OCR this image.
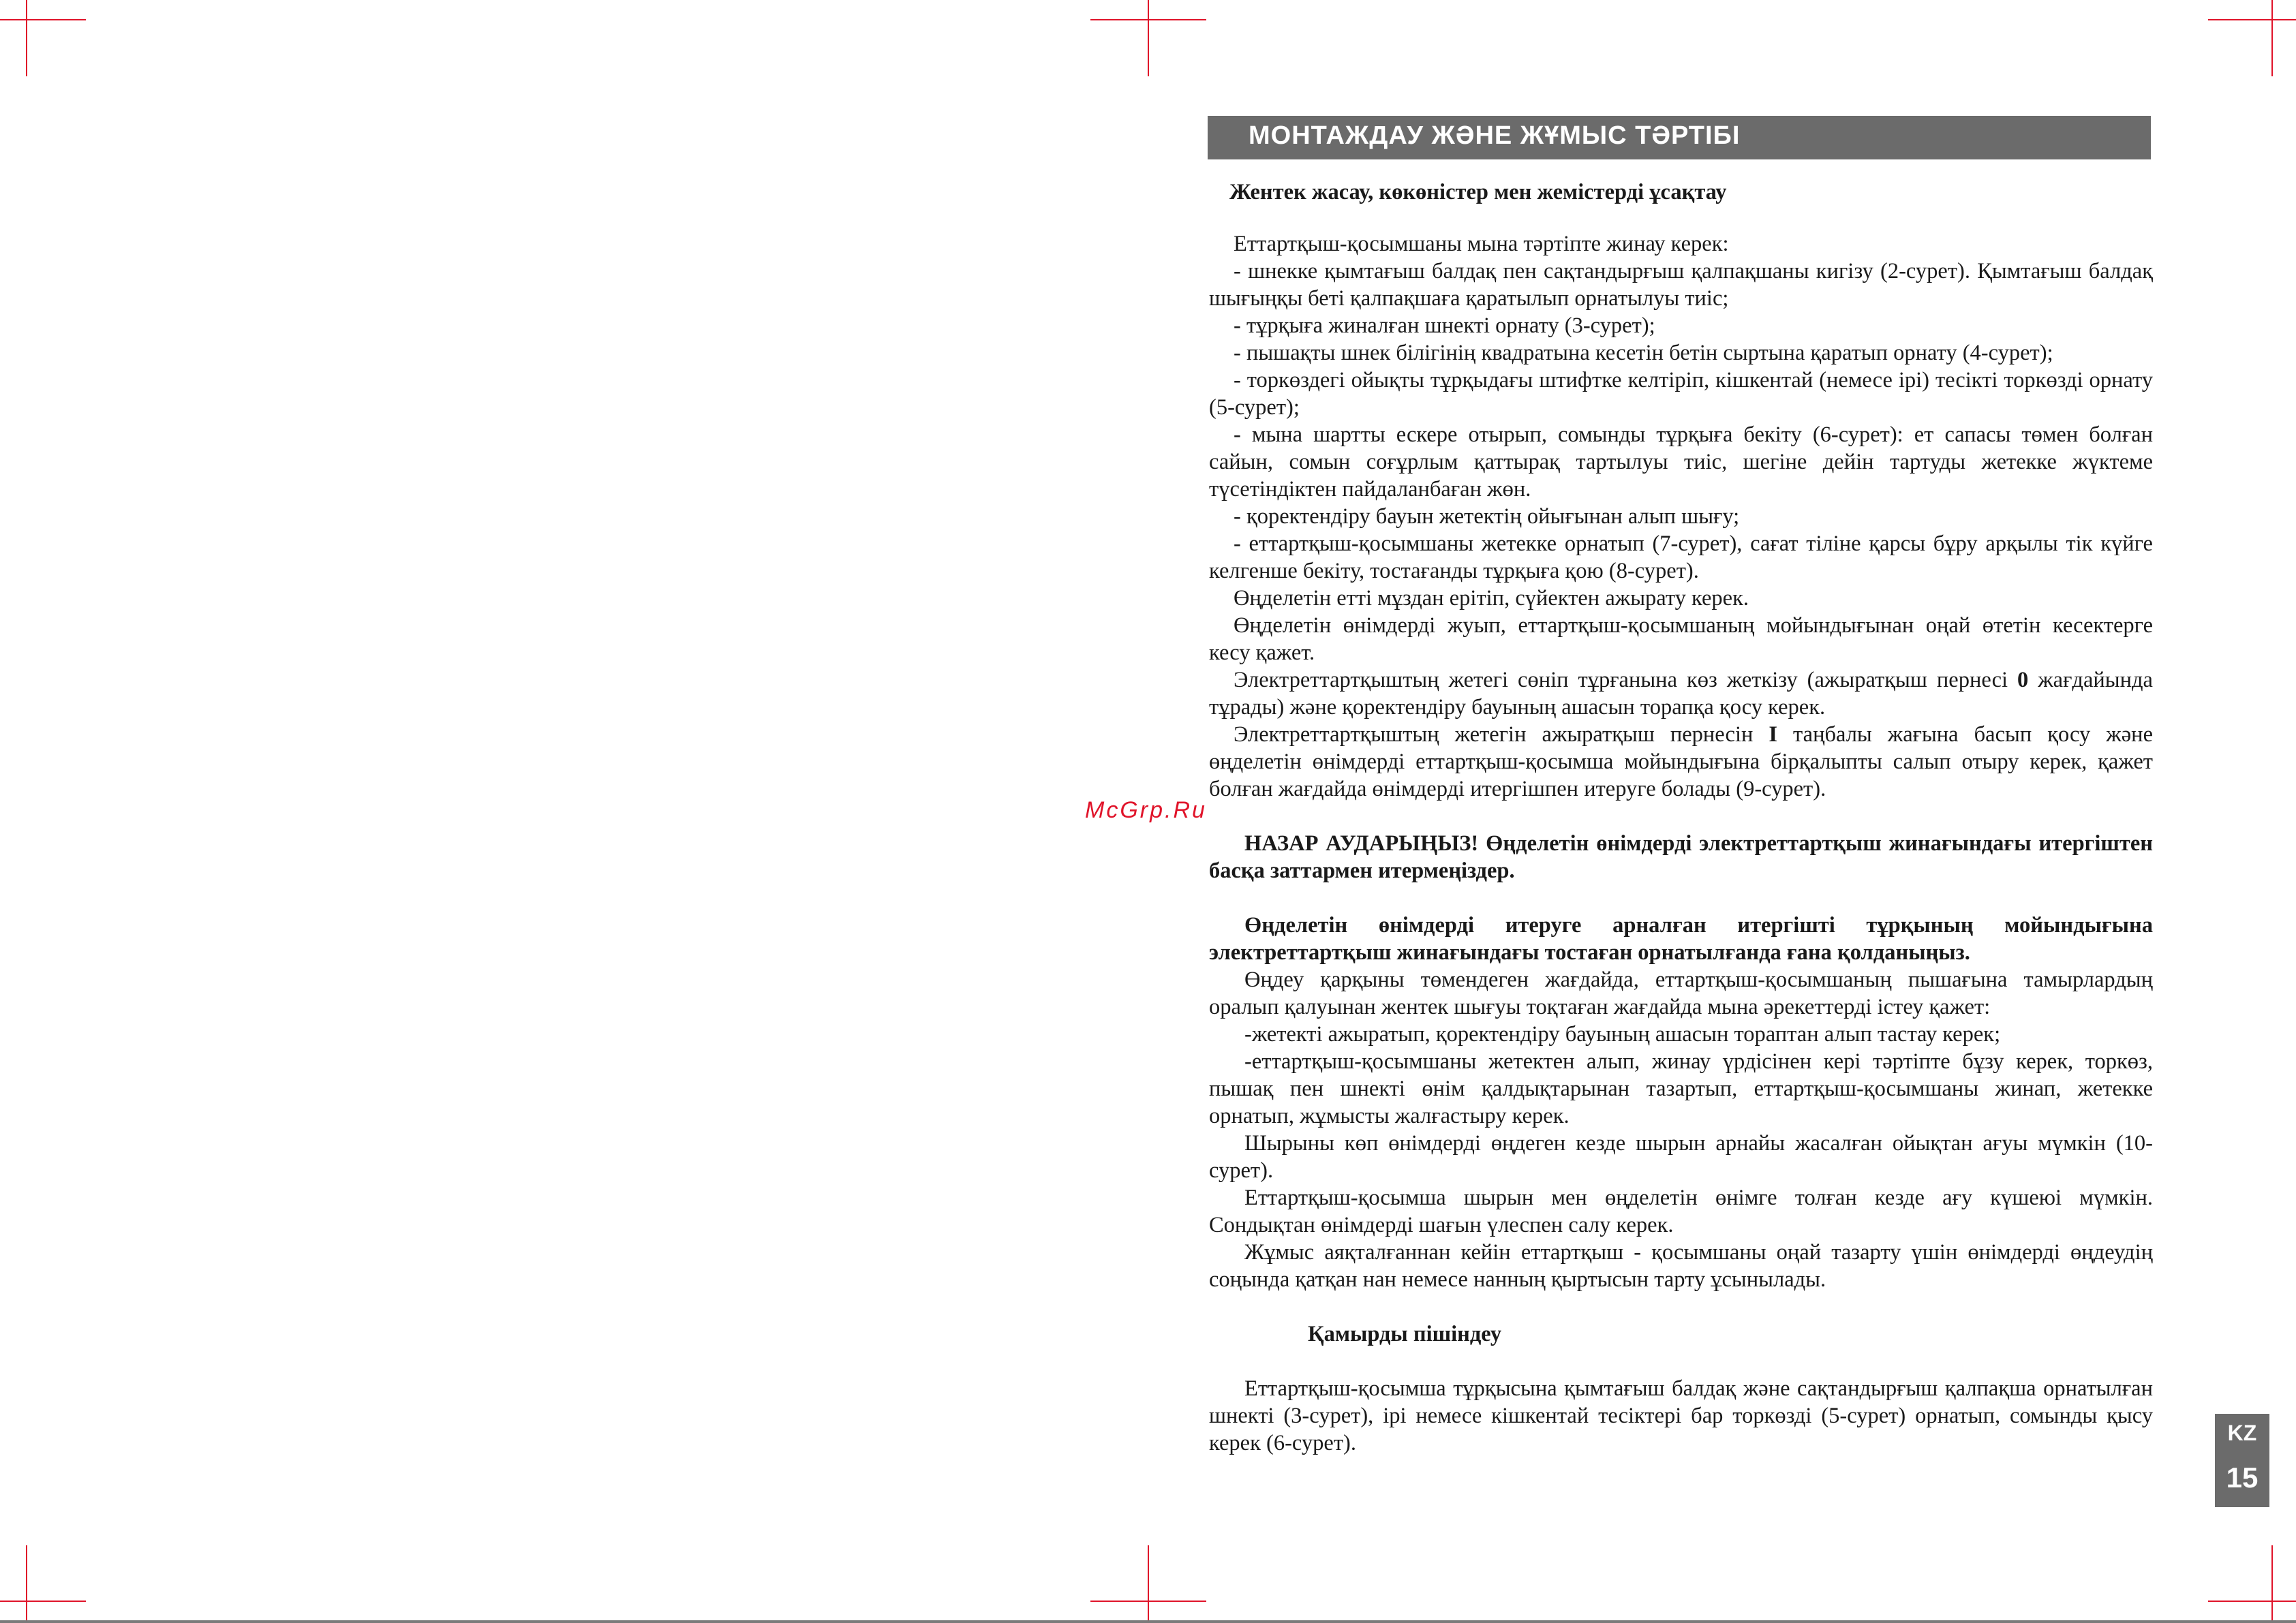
МОНТАЖДАУ ЖӘНЕ ЖҰМЫС ТӘРТІБІ

Жентек жасау, көкөністер мен жемістерді ұсақтау

Еттартқыш-қосымшаны мына тәртіпте жинау керек:

- шнекке қымтағыш балдақ пен сақтандырғыш қалпақшаны кигізу (2-сурет). Қымтағыш балдақ шығыңқы беті қалпақшаға қаратылып орнатылуы тиіс;

- тұрқыға жиналған шнекті орнату (3-сурет);

- пышақты шнек білігінің квадратына кесетін бетін сыртына қаратып орнату (4-сурет);

- торкөздегі ойықты тұрқыдағы штифтке келтіріп, кішкентай (немесе ірі) тесікті торкөзді орнату (5-сурет);

- мына шартты ескере отырып, сомынды тұрқыға бекіту (6-сурет): ет сапасы төмен болған сайын, сомын соғұрлым қаттырақ тартылуы тиіс, шегіне дейін тартуды жетекке жүктеме түсетіндіктен пайдаланбаған жөн.

- қоректендіру бауын жетектің ойығынан алып шығу;

- еттартқыш-қосымшаны жетекке орнатып (7-сурет), сағат тіліне қарсы бұру арқылы тік күйге келгенше бекіту, тостағанды тұрқыға қою (8-сурет).

Өңделетін етті мұздан ерітіп, сүйектен ажырату керек.

Өңделетін өнімдерді жуып, еттартқыш-қосымшаның мойындығынан оңай өтетін кесектерге кесу қажет.

Электреттартқыштың жетегі сөніп тұрғанына көз жеткізу (ажыратқыш пернесі 0 жағдайында тұрады) және қоректендіру бауының ашасын торапқа қосу керек.

Электреттартқыштың жетегін ажыратқыш пернесін I таңбалы жағына басып қосу және өңделетін өнімдерді еттартқыш-қосымша мойындығына бірқалыпты салып отыру керек, қажет болған жағдайда өнімдерді итергішпен итеруге болады (9-сурет).

НАЗАР АУДАРЫҢЫЗ! Өңделетін өнімдерді электреттартқыш жинағындағы итергіштен басқа заттармен итермеңіздер.

Өңделетін өнімдерді итеруге арналған итергішті тұрқының мойындығына электреттартқыш жинағындағы тостаған орнатылғанда ғана қолданыңыз.

Өңдеу қарқыны төмендеген жағдайда, еттартқыш-қосымшаның пышағына тамырлардың оралып қалуынан жентек шығуы тоқтаған жағдайда мына әрекеттерді істеу қажет:

-жетекті ажыратып, қоректендіру бауының ашасын тораптан алып тастау керек;

-еттартқыш-қосымшаны жетектен алып, жинау үрдісінен кері тәртіпте бұзу керек, торкөз, пышақ пен шнекті өнім қалдықтарынан тазартып, еттартқыш-қосымшаны жинап, жетекке орнатып, жұмысты жалғастыру керек.

Шырыны көп өнімдерді өңдеген кезде шырын арнайы жасалған ойықтан ағуы мүмкін (10-сурет).

Еттартқыш-қосымша шырын мен өңделетін өнімге толған кезде ағу күшеюі мүмкін. Сондықтан өнімдерді шағын үлеспен салу керек.

Жұмыс аяқталғаннан кейін еттартқыш - қосымшаны оңай тазарту үшін өнімдерді өңдеудің соңында қатқан нан немесе нанның қыртысын тарту ұсынылады.

Қамырды пішіндеу

Еттартқыш-қосымша тұрқысына қымтағыш балдақ және сақтандырғыш қалпақша орнатылған шнекті (3-сурет), ірі немесе кішкентай тесіктері бар торкөзді (5-сурет) орнатып, сомынды қысу керек (6-сурет).

McGrp.Ru
KZ
15
